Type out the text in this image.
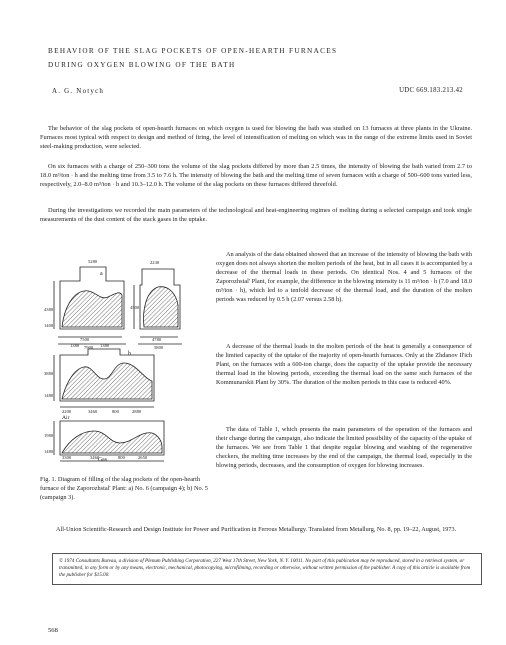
BEHAVIOR OF THE SLAG POCKETS OF OPEN-HEARTH FURNACES
DURING OXYGEN BLOWING OF THE BATH
A. G. Notych	UDC 669.183.213.42

The behavior of the slag pockets of open-hearth furnaces on which oxygen is used for blowing the bath was studied on 13 furnaces at three plants in the Ukraine. Furnaces most typical with respect to design and method of firing, the level of intensification of melting on which was in the range of the extreme limits used in Soviet steel-making production, were selected.

On six furnaces with a charge of 250–300 tons the volume of the slag pockets differed by more than 2.5 times, the intensity of blowing the bath varied from 2.7 to 18.0 m³/ton · h and the melting time from 3.5 to 7.6 h. The intensity of blowing the bath and the melting time of seven furnaces with a charge of 500–600 tons varied less, respectively, 2.0–8.0 m³/ton · h and 10.3–12.0 h. The volume of the slag pockets on these furnaces differed threefold.

During the investigations we recorded the main parameters of the technological and heat-engineering regimes of melting during a selected campaign and took single measurements of the dust content of the stack gases in the uptake.

An analysis of the data obtained showed that an increase of the intensity of blowing the bath with oxygen does not always shorten the molten periods of the heat, but in all cases it is accompanied by a decrease of the thermal loads in these periods. On identical Nos. 4 and 5 furnaces of the Zaporozhstal' Plant, for example, the difference in the blowing intensity is 11 m³/ton · h (7.0 and 18.0 m³/ton · h), which led to a tenfold decrease of the thermal load, and the duration of the molten periods was reduced by 0.5 h (2.07 versus 2.58 h).

A decrease of the thermal loads in the molten periods of the heat is generally a consequence of the limited capacity of the uptake of the majority of open-hearth furnaces. Only at the Zhdanov Il'ich Plant, on the furnaces with a 600-ton charge, does the capacity of the uptake provide the necessary thermal load in the blowing periods, exceeding the thermal load on the same such furnaces of the Kommunarskii Plant by 30%. The duration of the molten periods in this case is reduced 40%.

The data of Table 1, which presents the main parameters of the operation of the furnaces and their change during the campaign, also indicate the limited possibility of the capacity of the uptake of the furnaces. We see from Table 1 that despite regular blowing and washing of the regenerative checkers, the melting time increases by the end of the campaign, the thermal load, especially in the blowing periods, decreases, and the consumption of oxygen for blowing increases.

5280
a
7500
7900
4380
1400
2230
4500
4780
5800
b
1380	1380
3880
1480
2200	3460	800	2880
Air
1980
1480
3300	3460	800	2650
Gas

Fig. 1. Diagram of filling of the slag pockets of the open-hearth furnace of the Zaporozhstal' Plant: a) No. 6 (campaign 4); b) No. 5 (campaign 3).

All-Union Scientific-Research and Design Institute for Power and Purification in Ferrous Metallurgy. Translated from Metallurg, No. 8, pp. 19–22, August, 1973.

© 1974 Consultants Bureau, a division of Plenum Publishing Corporation, 227 West 17th Street, New York, N. Y. 10011. No part of this publication may be reproduced, stored in a retrieval system, or transmitted, in any form or by any means, electronic, mechanical, photocopying, microfilming, recording or otherwise, without written permission of the publisher. A copy of this article is available from the publisher for $15.00.
568
